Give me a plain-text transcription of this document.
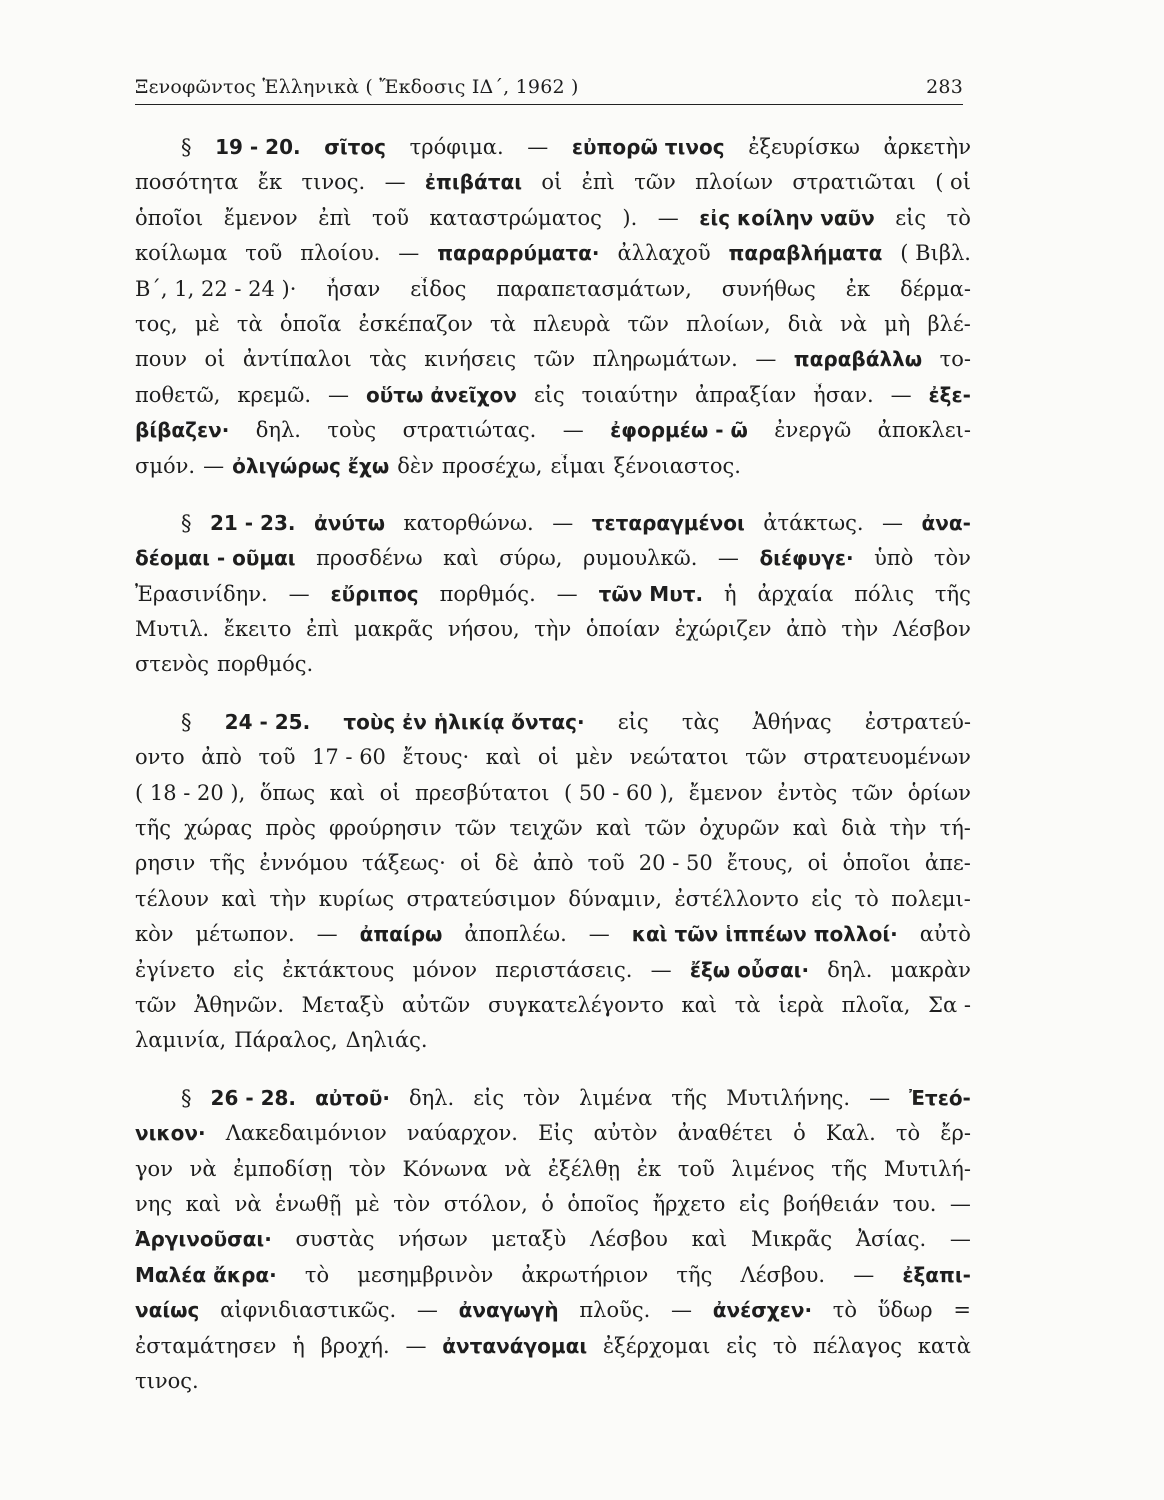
Ξενοφῶντος Ἑλληνικὰ ( Ἔκδοσις ΙΔ΄, 1962 )	283
§ 19 - 20. σῖτος τρόφιμα. — εὐπορῶ τινος ἐξευρίσκω ἀρκετὴν
ποσότητα ἔκ τινος. — ἐπιβάται οἱ ἐπὶ τῶν πλοίων στρατιῶται ( οἱ
ὁποῖοι ἔμενον ἐπὶ τοῦ καταστρώματος ). — εἰς κοίλην ναῦν εἰς τὸ
κοίλωμα τοῦ πλοίου. — παραρρύματα· ἀλλαχοῦ παραβλήματα ( Βιβλ.
Β΄, 1, 22 - 24 )· ἦσαν εἶδος παραπετασμάτων, συνήθως ἐκ δέρμα-
τος, μὲ τὰ ὁποῖα ἐσκέπαζον τὰ πλευρὰ τῶν πλοίων, διὰ νὰ μὴ βλέ-
πουν οἱ ἀντίπαλοι τὰς κινήσεις τῶν πληρωμάτων. — παραβάλλω το-
ποθετῶ, κρεμῶ. — οὕτω ἀνεῖχον εἰς τοιαύτην ἀπραξίαν ἦσαν. — ἐξε-
βίβαζεν· δηλ. τοὺς στρατιώτας. — ἐφορμέω - ῶ ἐνεργῶ ἀποκλει-
σμόν. — ὀλιγώρως ἔχω δὲν προσέχω, εἶμαι ξένοιαστος.
§ 21 - 23. ἀνύτω κατορθώνω. — τεταραγμένοι ἀτάκτως. — ἀνα-
δέομαι - οῦμαι προσδένω καὶ σύρω, ρυμουλκῶ. — διέφυγε· ὑπὸ τὸν
Ἐρασινίδην. — εὔριπος πορθμός. — τῶν Μυτ. ἡ ἀρχαία πόλις τῆς
Μυτιλ. ἔκειτο ἐπὶ μακρᾶς νήσου, τὴν ὁποίαν ἐχώριζεν ἀπὸ τὴν Λέσβον
στενὸς πορθμός.
§ 24 - 25. τοὺς ἐν ἡλικίᾳ ὄντας· εἰς τὰς Ἀθήνας ἐστρατεύ-
οντο ἀπὸ τοῦ 17 - 60 ἔτους· καὶ οἱ μὲν νεώτατοι τῶν στρατευομένων
( 18 - 20 ), ὅπως καὶ οἱ πρεσβύτατοι ( 50 - 60 ), ἔμενον ἐντὸς τῶν ὁρίων
τῆς χώρας πρὸς φρούρησιν τῶν τειχῶν καὶ τῶν ὀχυρῶν καὶ διὰ τὴν τή-
ρησιν τῆς ἐννόμου τάξεως· οἱ δὲ ἀπὸ τοῦ 20 - 50 ἔτους, οἱ ὁποῖοι ἀπε-
τέλουν καὶ τὴν κυρίως στρατεύσιμον δύναμιν, ἐστέλλοντο εἰς τὸ πολεμι-
κὸν μέτωπον. — ἀπαίρω ἀποπλέω. — καὶ τῶν ἱππέων πολλοί· αὐτὸ
ἐγίνετο εἰς ἐκτάκτους μόνον περιστάσεις. — ἔξω οὖσαι· δηλ. μακρὰν
τῶν Ἀθηνῶν. Μεταξὺ αὐτῶν συγκατελέγοντο καὶ τὰ ἱερὰ πλοῖα, Σα -
λαμινία, Πάραλος, Δηλιάς.
§ 26 - 28. αὐτοῦ· δηλ. εἰς τὸν λιμένα τῆς Μυτιλήνης. — Ἐτεό-
νικον· Λακεδαιμόνιον ναύαρχον. Εἰς αὐτὸν ἀναθέτει ὁ Καλ. τὸ ἔρ-
γον νὰ ἐμποδίσῃ τὸν Κόνωνα νὰ ἐξέλθῃ ἐκ τοῦ λιμένος τῆς Μυτιλή-
νης καὶ νὰ ἑνωθῇ μὲ τὸν στόλον, ὁ ὁποῖος ἤρχετο εἰς βοήθειάν του. —
Ἀργινοῦσαι· συστὰς νήσων μεταξὺ Λέσβου καὶ Μικρᾶς Ἀσίας. —
Μαλέα ἄκρα· τὸ μεσημβρινὸν ἀκρωτήριον τῆς Λέσβου. — ἐξαπι-
ναίως αἰφνιδιαστικῶς. — ἀναγωγὴ πλοῦς. — ἀνέσχεν· τὸ ὕδωρ =
ἐσταμάτησεν ἡ βροχή. — ἀντανάγομαι ἐξέρχομαι εἰς τὸ πέλαγος κατὰ
τινος.
